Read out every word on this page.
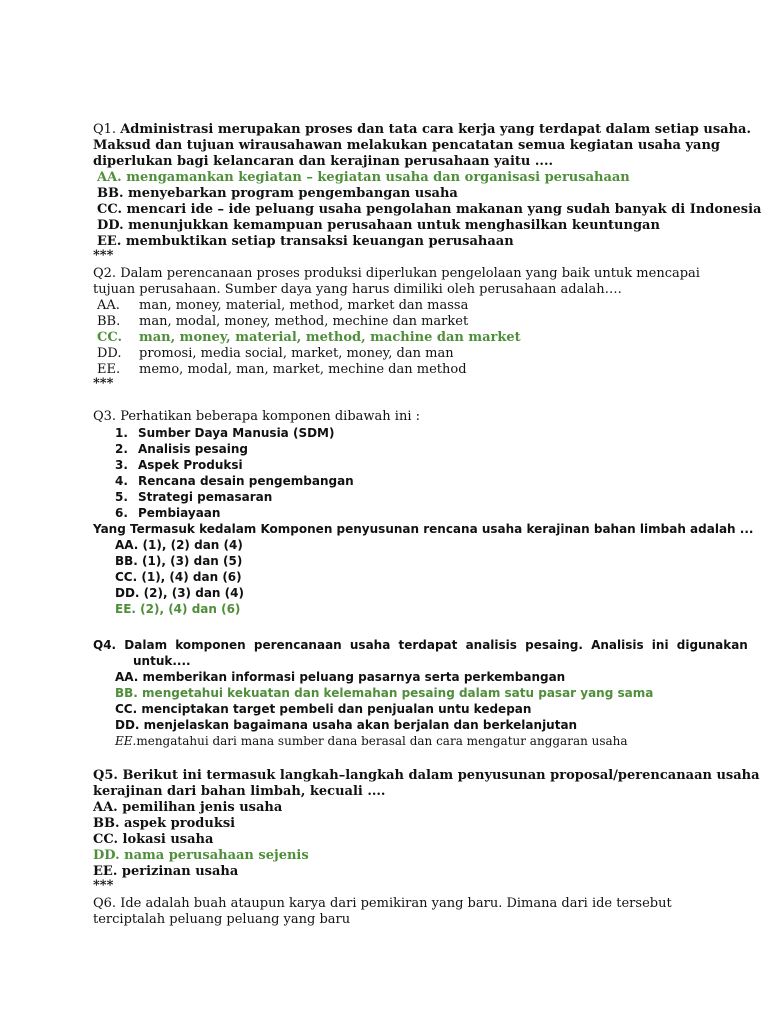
Q1. Administrasi merupakan proses dan tata cara kerja yang terdapat dalam setiap usaha.
Maksud dan tujuan wirausahawan melakukan pencatatan semua kegiatan usaha yang
diperlukan bagi kelancaran dan kerajinan perusahaan yaitu ....
AA. mengamankan kegiatan – kegiatan usaha dan organisasi perusahaan
BB. menyebarkan program pengembangan usaha
CC. mencari ide – ide peluang usaha pengolahan makanan yang sudah banyak di Indonesia
DD. menunjukkan kemampuan perusahaan untuk menghasilkan keuntungan
EE. membuktikan setiap transaksi keuangan perusahaan
***
Q2. Dalam perencanaan proses produksi diperlukan pengelolaan yang baik untuk mencapai
tujuan perusahaan. Sumber daya yang harus dimiliki oleh perusahaan adalah….
AA. man, money, material, method, market dan massa
BB. man, modal, money, method, mechine dan market
CC. man, money, material, method, machine dan market
DD. promosi, media social, market, money, dan man
EE. memo, modal, man, market, mechine dan method
***
Q3. Perhatikan beberapa komponen dibawah ini :
1. Sumber Daya Manusia (SDM)
2. Analisis pesaing
3. Aspek Produksi
4. Rencana desain pengembangan
5. Strategi pemasaran
6. Pembiayaan
Yang Termasuk kedalam Komponen penyusunan rencana usaha kerajinan bahan limbah adalah ...
AA. (1), (2) dan (4)
BB. (1), (3) dan (5)
CC. (1), (4) dan (6)
DD. (2), (3) dan (4)
EE. (2), (4) dan (6)
Q4. Dalam komponen perencanaan usaha terdapat analisis pesaing. Analisis ini digunakan
untuk....
AA. memberikan informasi peluang pasarnya serta perkembangan
BB. mengetahui kekuatan dan kelemahan pesaing dalam satu pasar yang sama
CC. menciptakan target pembeli dan penjualan untu kedepan
DD. menjelaskan bagaimana usaha akan berjalan dan berkelanjutan
EE.mengatahui dari mana sumber dana berasal dan cara mengatur anggaran usaha
Q5. Berikut ini termasuk langkah–langkah dalam penyusunan proposal/perencanaan usaha
kerajinan dari bahan limbah, kecuali ....
AA. pemilihan jenis usaha
BB. aspek produksi
CC. lokasi usaha
DD. nama perusahaan sejenis
EE. perizinan usaha
***
Q6. Ide adalah buah ataupun karya dari pemikiran yang baru. Dimana dari ide tersebut
terciptalah peluang peluang yang baru
